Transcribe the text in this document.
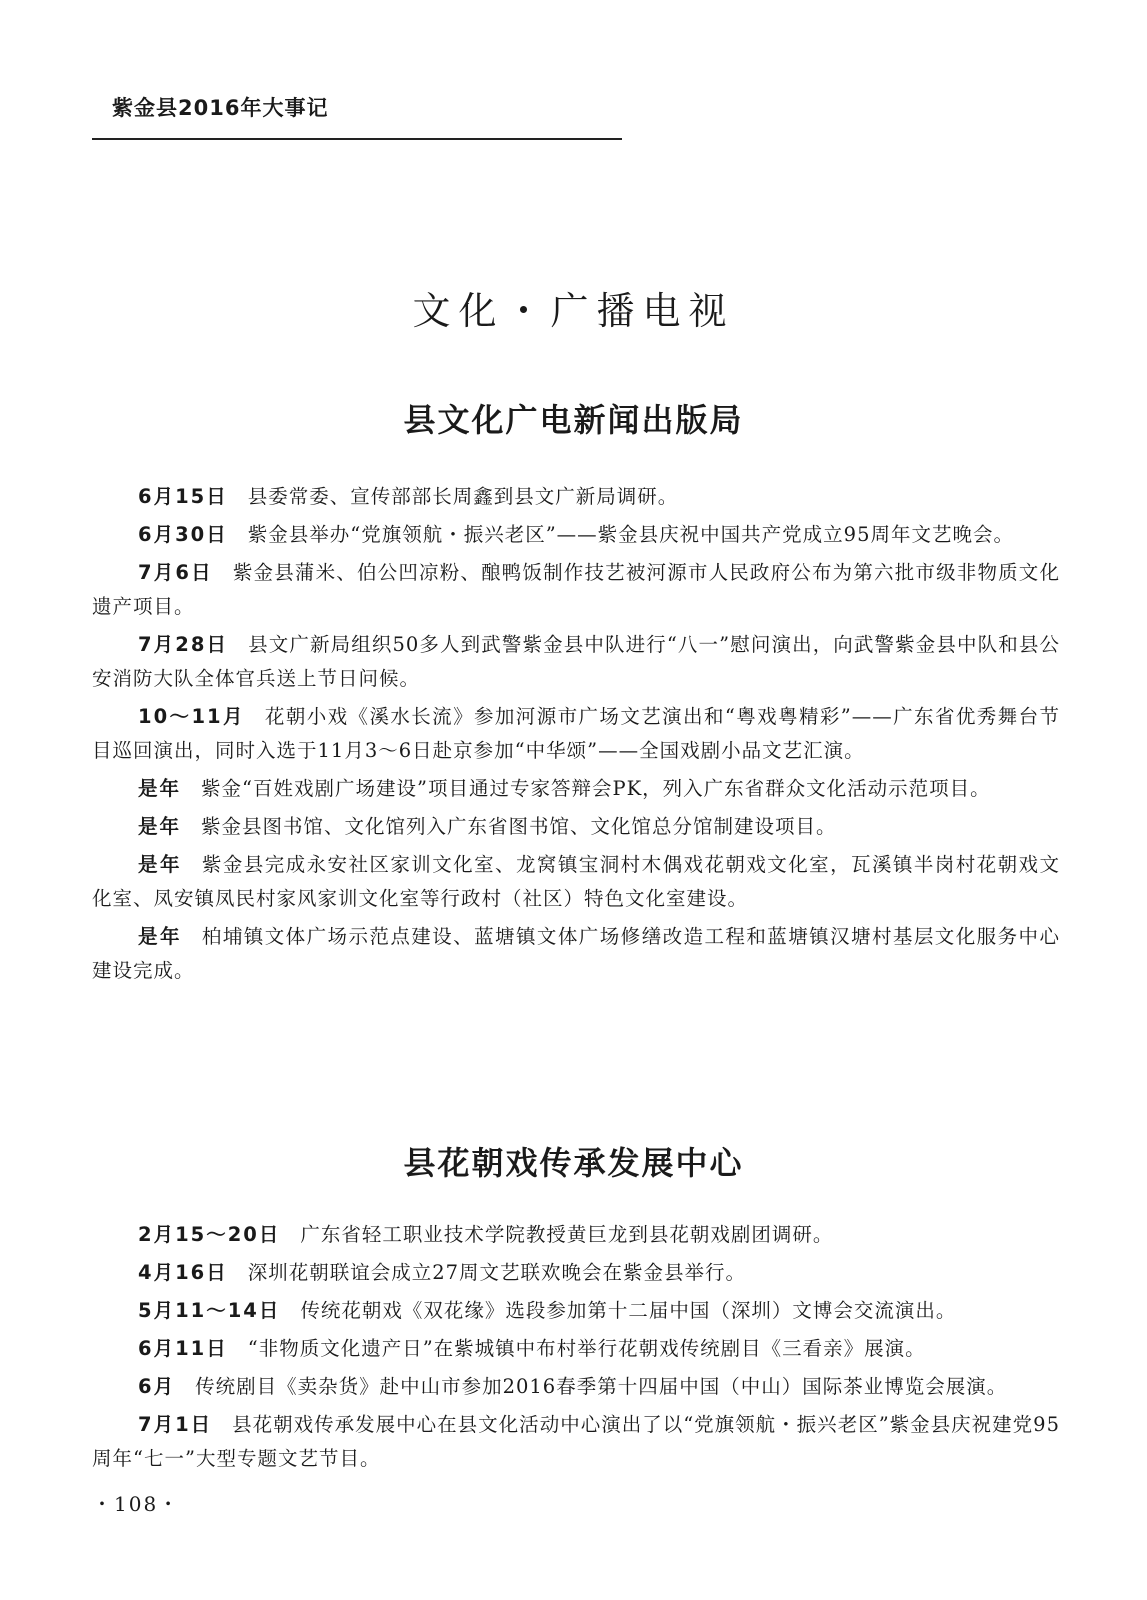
紫金县2016年大事记
文化・广播电视
县文化广电新闻出版局

6月15日 县委常委、宣传部部长周鑫到县文广新局调研。

6月30日 紫金县举办“党旗领航・振兴老区”——紫金县庆祝中国共产党成立95周年文艺晚会。

7月6日 紫金县蒲米、伯公凹凉粉、酿鸭饭制作技艺被河源市人民政府公布为第六批市级非物质文化遗产项目。

7月28日 县文广新局组织50多人到武警紫金县中队进行“八一”慰问演出，向武警紫金县中队和县公安消防大队全体官兵送上节日问候。

10～11月 花朝小戏《溪水长流》参加河源市广场文艺演出和“粤戏粤精彩”——广东省优秀舞台节目巡回演出，同时入选于11月3～6日赴京参加“中华颂”——全国戏剧小品文艺汇演。

是年 紫金“百姓戏剧广场建设”项目通过专家答辩会PK，列入广东省群众文化活动示范项目。

是年 紫金县图书馆、文化馆列入广东省图书馆、文化馆总分馆制建设项目。

是年 紫金县完成永安社区家训文化室、龙窝镇宝洞村木偶戏花朝戏文化室，瓦溪镇半岗村花朝戏文化室、凤安镇凤民村家风家训文化室等行政村（社区）特色文化室建设。

是年 柏埔镇文体广场示范点建设、蓝塘镇文体广场修缮改造工程和蓝塘镇汉塘村基层文化服务中心建设完成。

县花朝戏传承发展中心

2月15～20日 广东省轻工职业技术学院教授黄巨龙到县花朝戏剧团调研。

4月16日 深圳花朝联谊会成立27周文艺联欢晚会在紫金县举行。

5月11～14日 传统花朝戏《双花缘》选段参加第十二届中国（深圳）文博会交流演出。

6月11日 “非物质文化遗产日”在紫城镇中布村举行花朝戏传统剧目《三看亲》展演。

6月 传统剧目《卖杂货》赴中山市参加2016春季第十四届中国（中山）国际茶业博览会展演。

7月1日 县花朝戏传承发展中心在县文化活动中心演出了以“党旗领航・振兴老区”紫金县庆祝建党95周年“七一”大型专题文艺节目。

・108・
